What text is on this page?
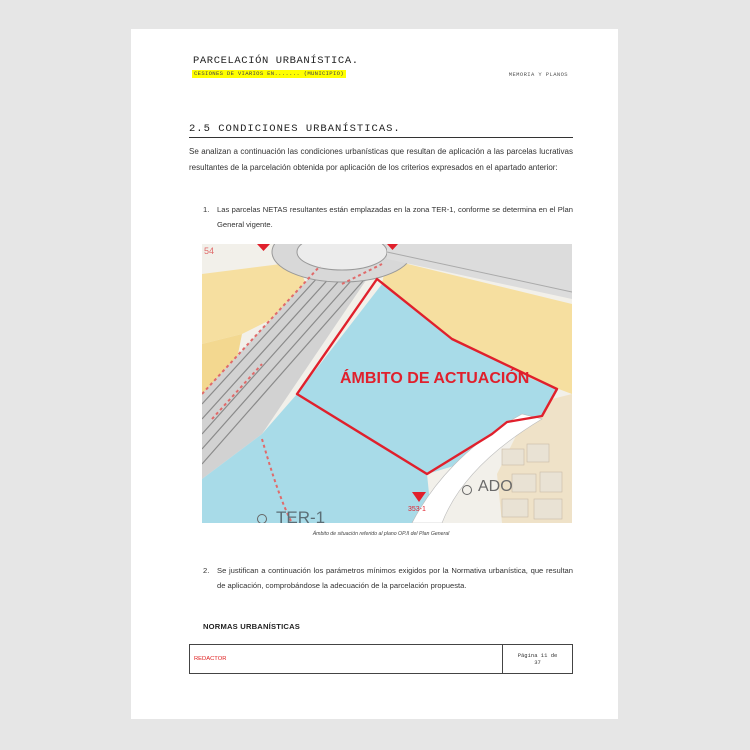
PARCELACIÓN URBANÍSTICA.
CESIONES DE VIARIOS EN....... (MUNICIPIO)	MEMORIA Y PLANOS
2.5 CONDICIONES URBANÍSTICAS.
Se analizan a continuación las condiciones urbanísticas que resultan de aplicación a las parcelas lucrativas resultantes de la parcelación obtenida por aplicación de los criterios expresados en el apartado anterior:
1.	Las parcelas NETAS resultantes están emplazadas en la zona TER-1, conforme se determina en el Plan General vigente.
ÁMBITO DE ACTUACIÓN
TER-1
ADO
54
353-1
Ámbito de situación referido al plano OP.II del Plan General
2.	Se justifican a continuación los parámetros mínimos exigidos por la Normativa urbanística, que resultan de aplicación, comprobándose la adecuación de la parcelación propuesta.
NORMAS URBANÍSTICAS
REDACTOR	Página 11 de
37
